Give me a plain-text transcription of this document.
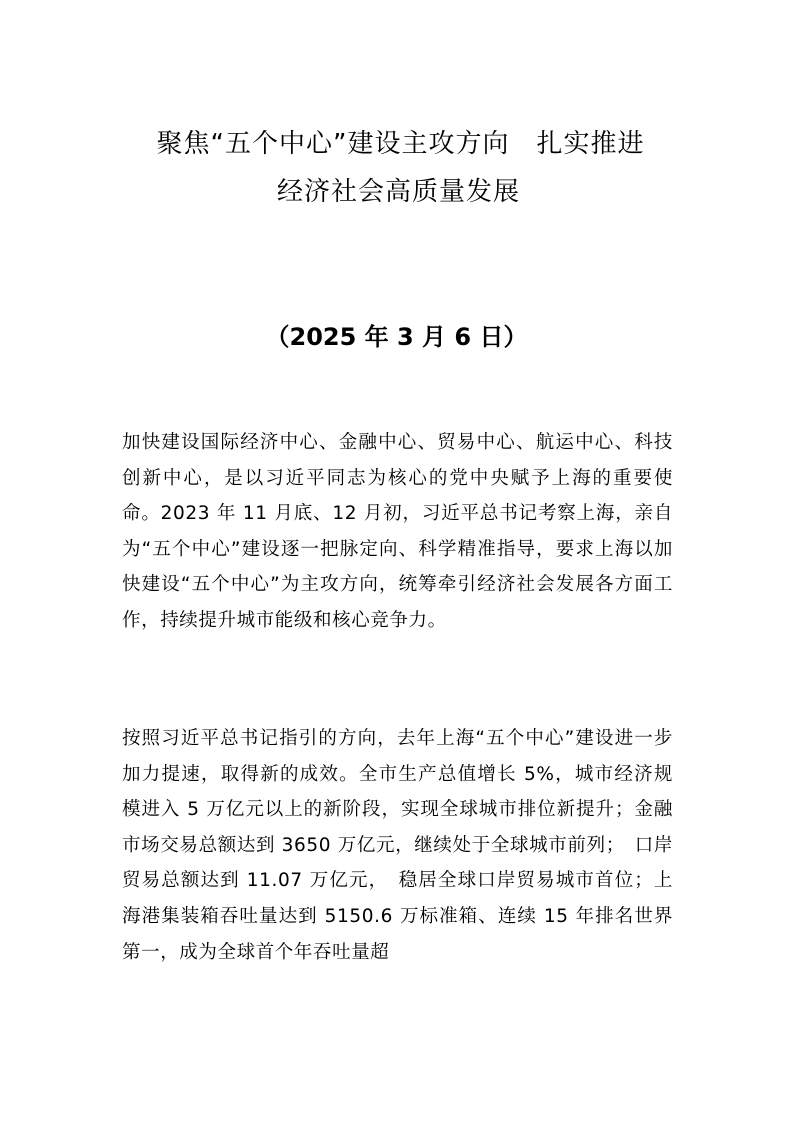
聚焦“五个中心”建设主攻方向　扎实推进
经济社会高质量发展
（2025 年 3 月 6 日）

加快建设国际经济中心、金融中心、贸易中心、航运中心、科技创新中心，是以习近平同志为核心的党中央赋予上海的重要使命。2023 年 11 月底、12 月初，习近平总书记考察上海，亲自为“五个中心”建设逐一把脉定向、科学精准指导，要求上海以加快建设“五个中心”为主攻方向，统筹牵引经济社会发展各方面工作，持续提升城市能级和核心竞争力。

按照习近平总书记指引的方向，去年上海“五个中心”建设进一步加力提速，取得新的成效。全市生产总值增长 5%，城市经济规模进入 5 万亿元以上的新阶段，实现全球城市排位新提升；金融市场交易总额达到 3650 万亿元，继续处于全球城市前列；　口岸贸易总额达到 11.07 万亿元，　稳居全球口岸贸易城市首位；上海港集装箱吞吐量达到 5150.6 万标准箱、连续 15 年排名世界第一，成为全球首个年吞吐量超
